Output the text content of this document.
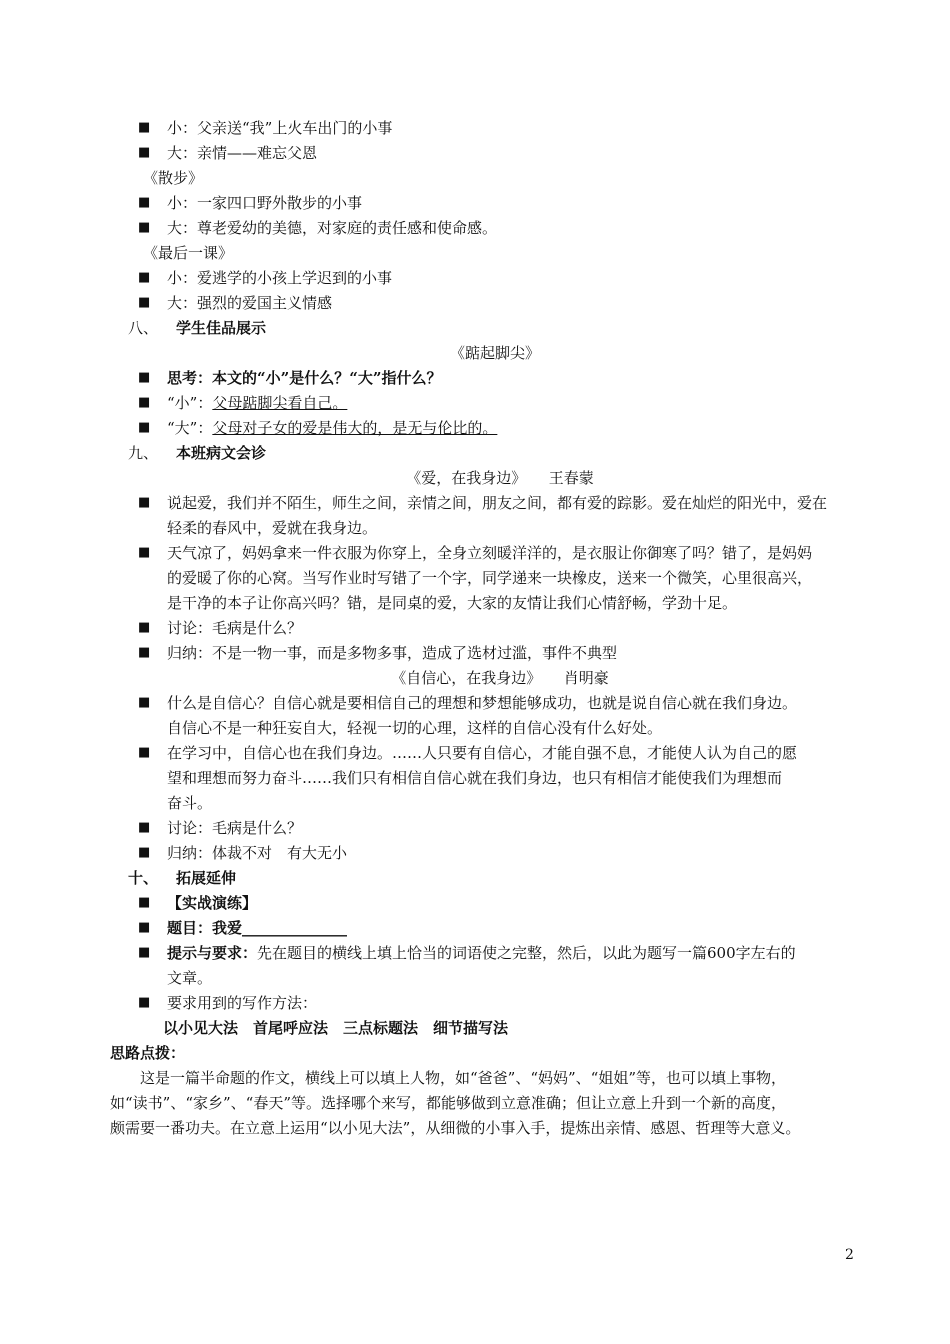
■ 小：父亲送“我”上火车出门的小事
■ 大：亲情——难忘父恩
《散步》
■ 小：一家四口野外散步的小事
■ 大：尊老爱幼的美德，对家庭的责任感和使命感。
《最后一课》
■ 小：爱逃学的小孩上学迟到的小事
■ 大：强烈的爱国主义情感
八、 学生佳品展示
《踮起脚尖》
■ 思考：本文的“小”是什么？“大”指什么？
■ “小”：父母踮脚尖看自己。
■ “大”：父母对子女的爱是伟大的，是无与伦比的。
九、 本班病文会诊
《爱，在我身边》　　王春蒙
■ 说起爱，我们并不陌生，师生之间，亲情之间，朋友之间，都有爱的踪影。爱在灿烂的阳光中，爱在
轻柔的春风中，爱就在我身边。
■ 天气凉了，妈妈拿来一件衣服为你穿上，全身立刻暖洋洋的，是衣服让你御寒了吗？错了，是妈妈
的爱暖了你的心窝。当写作业时写错了一个字，同学递来一块橡皮，送来一个微笑，心里很高兴，
是干净的本子让你高兴吗？错，是同桌的爱，大家的友情让我们心情舒畅，学劲十足。
■ 讨论：毛病是什么？
■ 归纳：不是一物一事，而是多物多事，造成了选材过滥，事件不典型
《自信心，在我身边》　　肖明豪
■ 什么是自信心？自信心就是要相信自己的理想和梦想能够成功，也就是说自信心就在我们身边。
自信心不是一种狂妄自大，轻视一切的心理，这样的自信心没有什么好处。
■ 在学习中，自信心也在我们身边。……人只要有自信心，才能自强不息，才能使人认为自己的愿
望和理想而努力奋斗……我们只有相信自信心就在我们身边，也只有相信才能使我们为理想而
奋斗。
■ 讨论：毛病是什么？
■ 归纳：体裁不对　有大无小
十、 拓展延伸
■ 【实战演练】
■ 题目：我爱______________
■ 提示与要求：先在题目的横线上填上恰当的词语使之完整，然后，以此为题写一篇600字左右的
文章。
■ 要求用到的写作方法：
以小见大法　首尾呼应法　三点标题法　细节描写法
思路点拨：
这是一篇半命题的作文，横线上可以填上人物，如“爸爸”、“妈妈”、“姐姐”等，也可以填上事物，
如“读书”、“家乡”、“春天”等。选择哪个来写，都能够做到立意准确；但让立意上升到一个新的高度，
颇需要一番功夫。在立意上运用“以小见大法”，从细微的小事入手，提炼出亲情、感恩、哲理等大意义。
2
